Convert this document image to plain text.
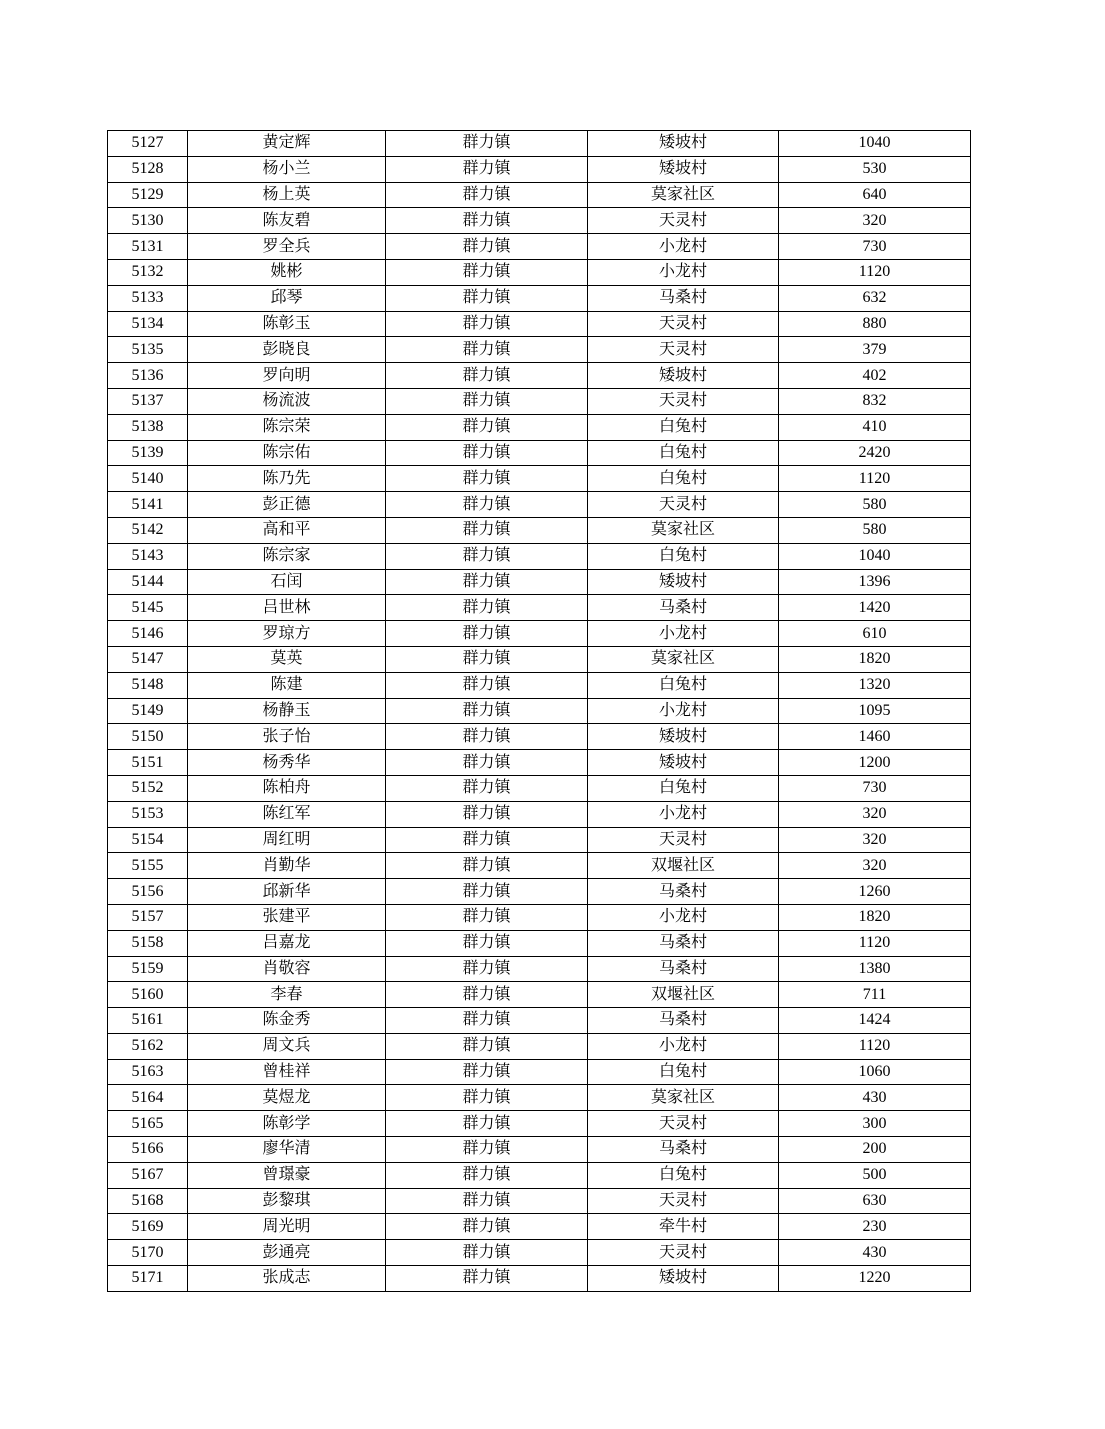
5127	黄定辉	群力镇	矮坡村	1040
5128	杨小兰	群力镇	矮坡村	530
5129	杨上英	群力镇	莫家社区	640
5130	陈友碧	群力镇	天灵村	320
5131	罗全兵	群力镇	小龙村	730
5132	姚彬	群力镇	小龙村	1120
5133	邱琴	群力镇	马桑村	632
5134	陈彰玉	群力镇	天灵村	880
5135	彭晓良	群力镇	天灵村	379
5136	罗向明	群力镇	矮坡村	402
5137	杨流波	群力镇	天灵村	832
5138	陈宗荣	群力镇	白兔村	410
5139	陈宗佑	群力镇	白兔村	2420
5140	陈乃先	群力镇	白兔村	1120
5141	彭正德	群力镇	天灵村	580
5142	高和平	群力镇	莫家社区	580
5143	陈宗家	群力镇	白兔村	1040
5144	石闰	群力镇	矮坡村	1396
5145	吕世林	群力镇	马桑村	1420
5146	罗琼方	群力镇	小龙村	610
5147	莫英	群力镇	莫家社区	1820
5148	陈建	群力镇	白兔村	1320
5149	杨静玉	群力镇	小龙村	1095
5150	张子怡	群力镇	矮坡村	1460
5151	杨秀华	群力镇	矮坡村	1200
5152	陈柏舟	群力镇	白兔村	730
5153	陈红军	群力镇	小龙村	320
5154	周红明	群力镇	天灵村	320
5155	肖勤华	群力镇	双堰社区	320
5156	邱新华	群力镇	马桑村	1260
5157	张建平	群力镇	小龙村	1820
5158	吕嘉龙	群力镇	马桑村	1120
5159	肖敬容	群力镇	马桑村	1380
5160	李春	群力镇	双堰社区	711
5161	陈金秀	群力镇	马桑村	1424
5162	周文兵	群力镇	小龙村	1120
5163	曾桂祥	群力镇	白兔村	1060
5164	莫煜龙	群力镇	莫家社区	430
5165	陈彰学	群力镇	天灵村	300
5166	廖华清	群力镇	马桑村	200
5167	曾璟豪	群力镇	白兔村	500
5168	彭黎琪	群力镇	天灵村	630
5169	周光明	群力镇	牵牛村	230
5170	彭通亮	群力镇	天灵村	430
5171	张成志	群力镇	矮坡村	1220
